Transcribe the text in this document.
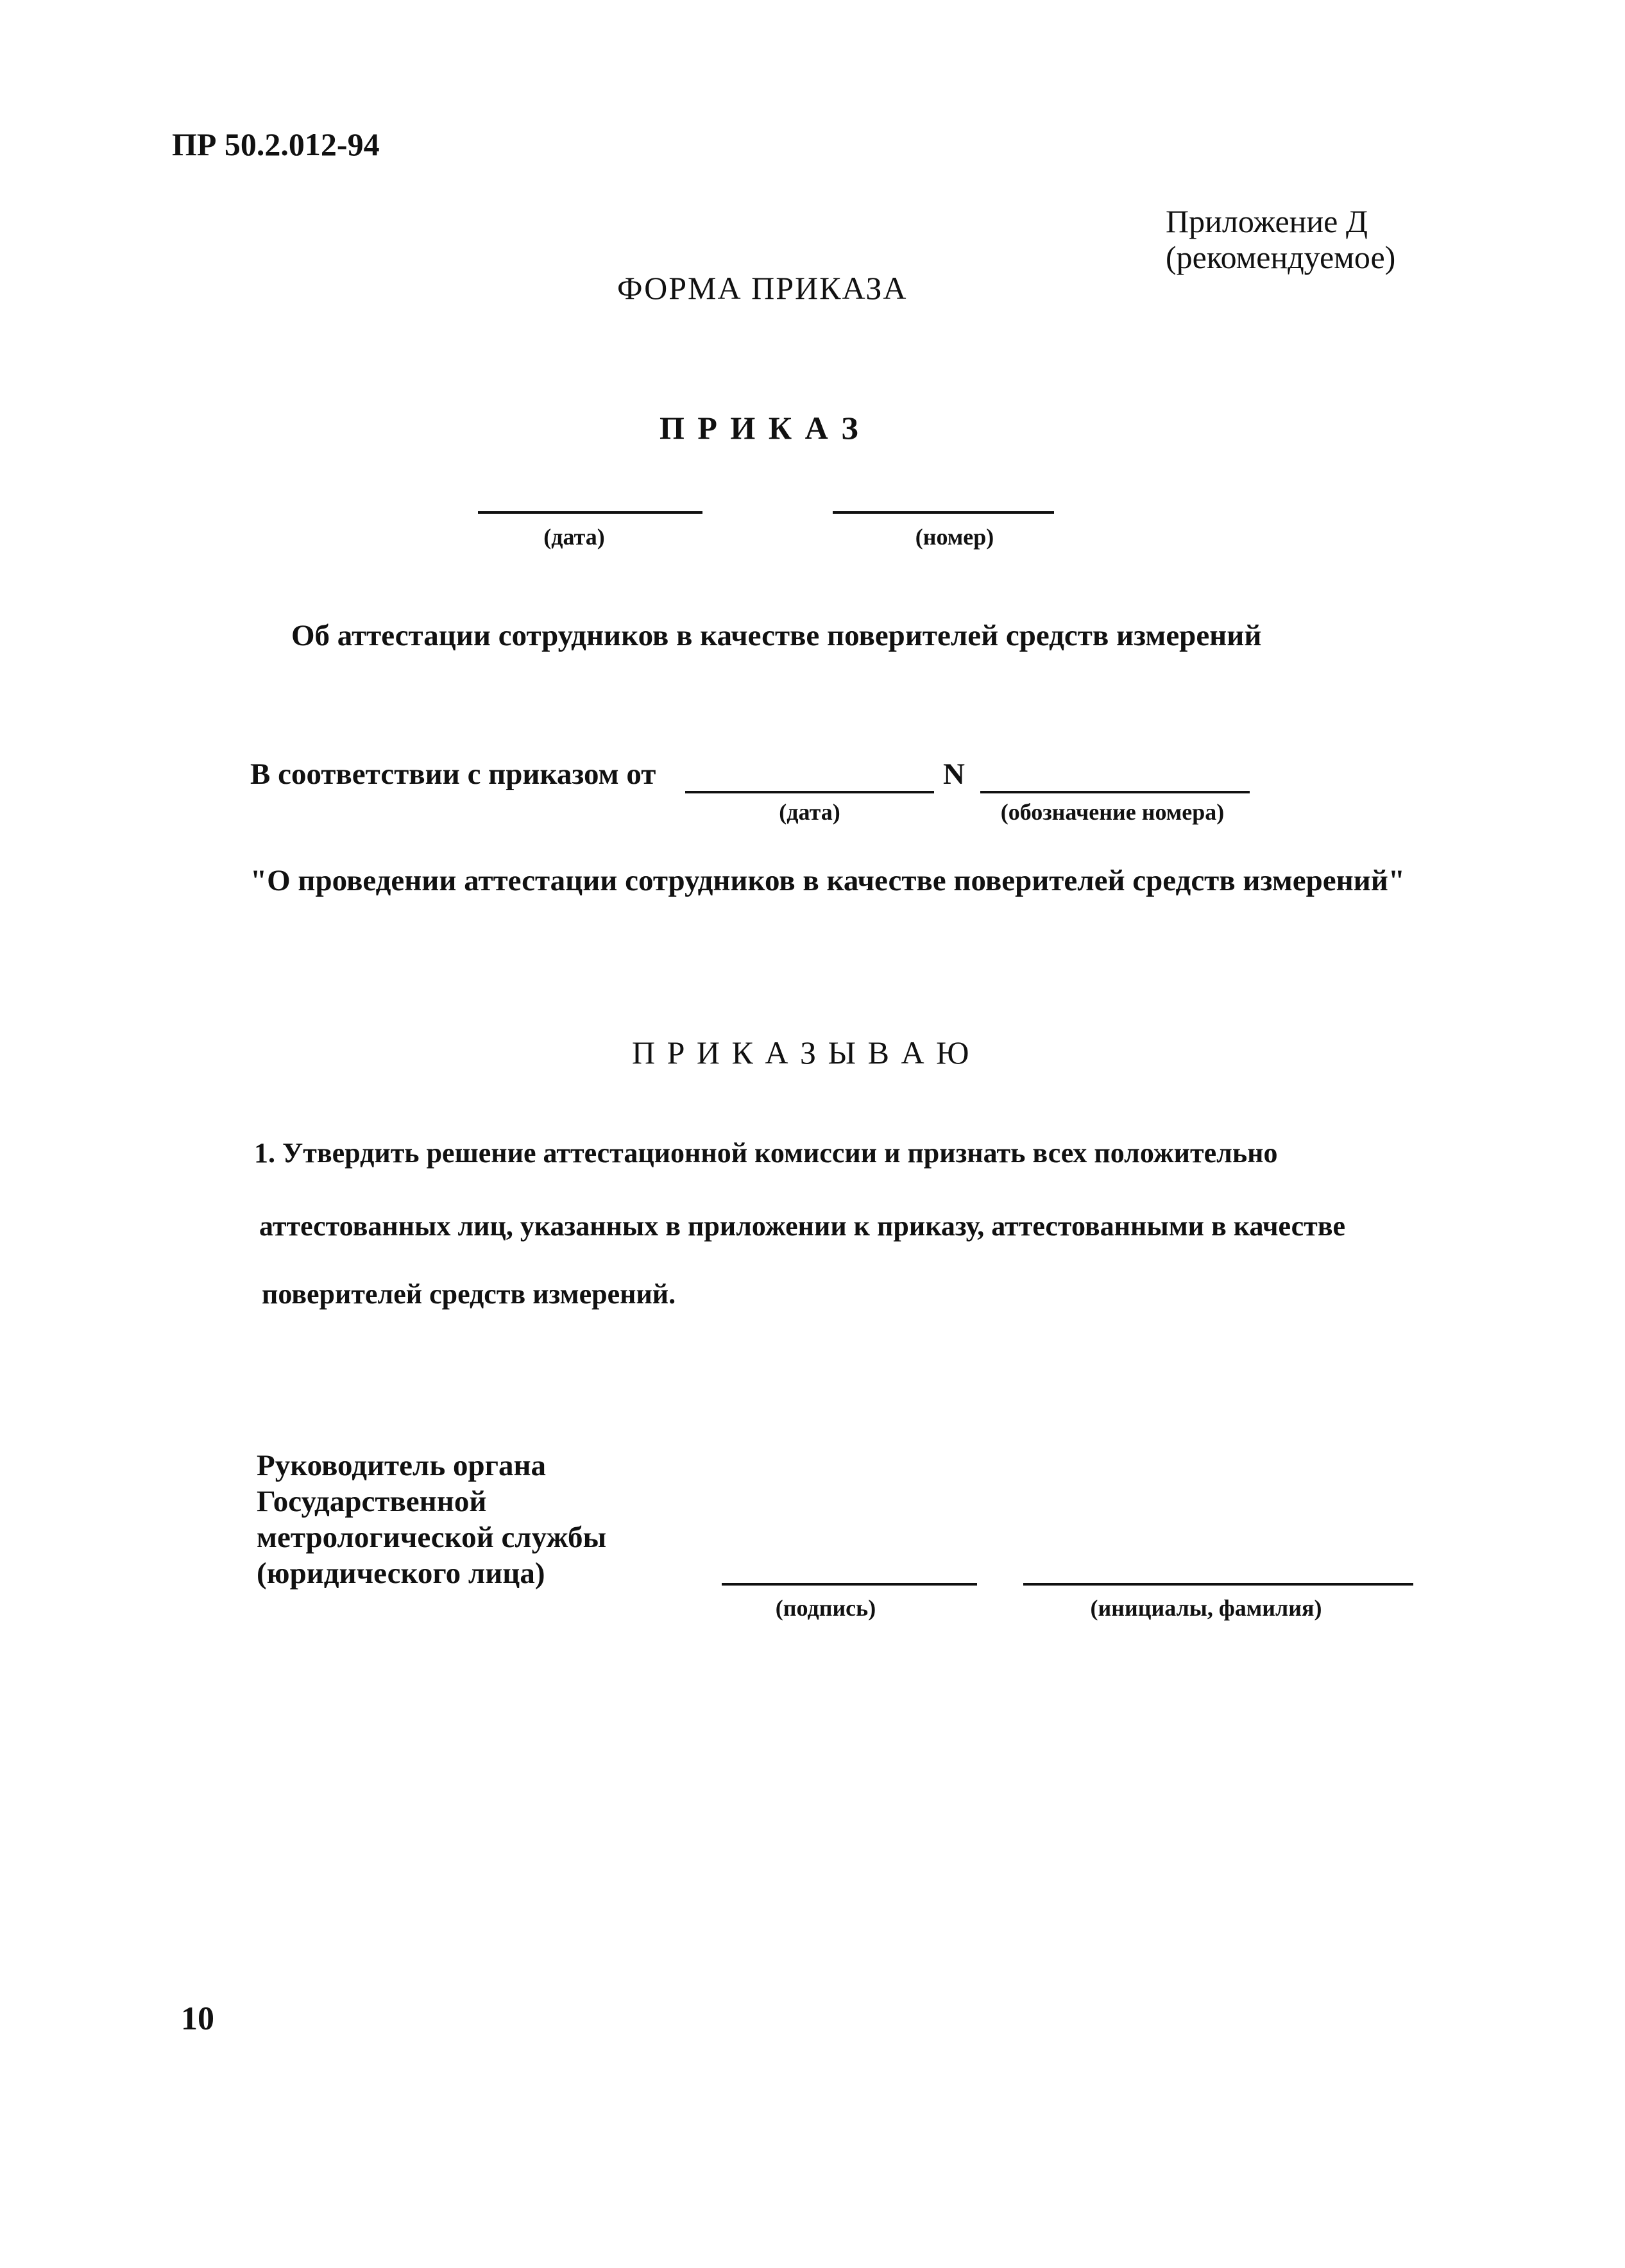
ПР 50.2.012-94
Приложение Д
(рекомендуемое)
ФОРМА ПРИКАЗА
П Р И К А З
(дата)	(номер)
Об аттестации сотрудников в качестве поверителей средств измерений
В соответствии с приказом от	N
(дата)	(обозначение номера)
"О проведении аттестации сотрудников в качестве поверителей средств измерений"
П Р И К А З Ы В А Ю
1. Утвердить решение аттестационной комиссии и признать всех положительно
аттестованных лиц, указанных в приложении к приказу, аттестованными в качестве
поверителей средств измерений.
Руководитель органа
Государственной
метрологической службы
(юридического лица)
(подпись)	(инициалы, фамилия)
10
